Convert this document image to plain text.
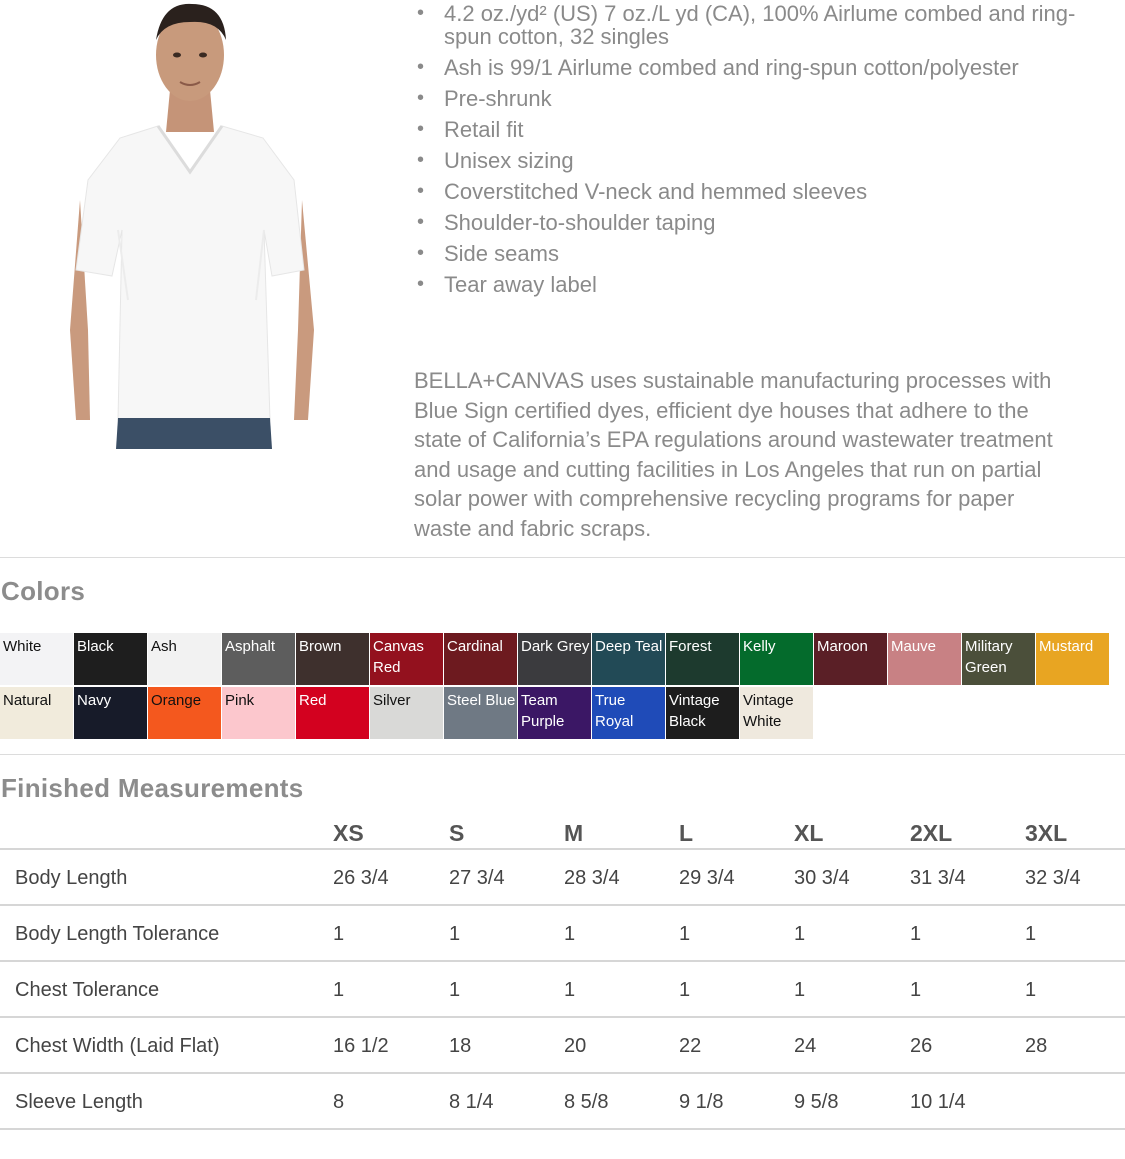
• 4.2 oz./yd² (US) 7 oz./L yd (CA), 100% Airlume combed and ring-spun cotton, 32 singles
• Ash is 99/1 Airlume combed and ring-spun cotton/polyester
• Pre-shrunk
• Retail fit
• Unisex sizing
• Coverstitched V-neck and hemmed sleeves
• Shoulder-to-shoulder taping
• Side seams
• Tear away label

BELLA+CANVAS uses sustainable manufacturing processes with Blue Sign certified dyes, efficient dye houses that adhere to the state of California’s EPA regulations around wastewater treatment and usage and cutting facilities in Los Angeles that run on partial solar power with comprehensive recycling programs for paper waste and fabric scraps.

Colors
White	Black	Ash	Asphalt	Brown	Canvas Red
Cardinal	Dark Grey Deep Teal Forest	Kelly	Maroon	Mauve	Military Green
Mustard
Natural	Navy	Orange	Pink	Red	Silver	Steel Blue Team Purple
True Royal
Vintage Black
Vintage White
Finished Measurements
XS	S	M	L	XL	2XL	3XL
Body Length	26 3/4	27 3/4	28 3/4	29 3/4	30 3/4	31 3/4	32 3/4
Body Length Tolerance	1	1	1	1	1	1	1
Chest Tolerance	1	1	1	1	1	1	1
Chest Width (Laid Flat)	16 1/2	18	20	22	24	26	28
Sleeve Length	8	8 1/4	8 5/8	9 1/8	9 5/8	10 1/4
